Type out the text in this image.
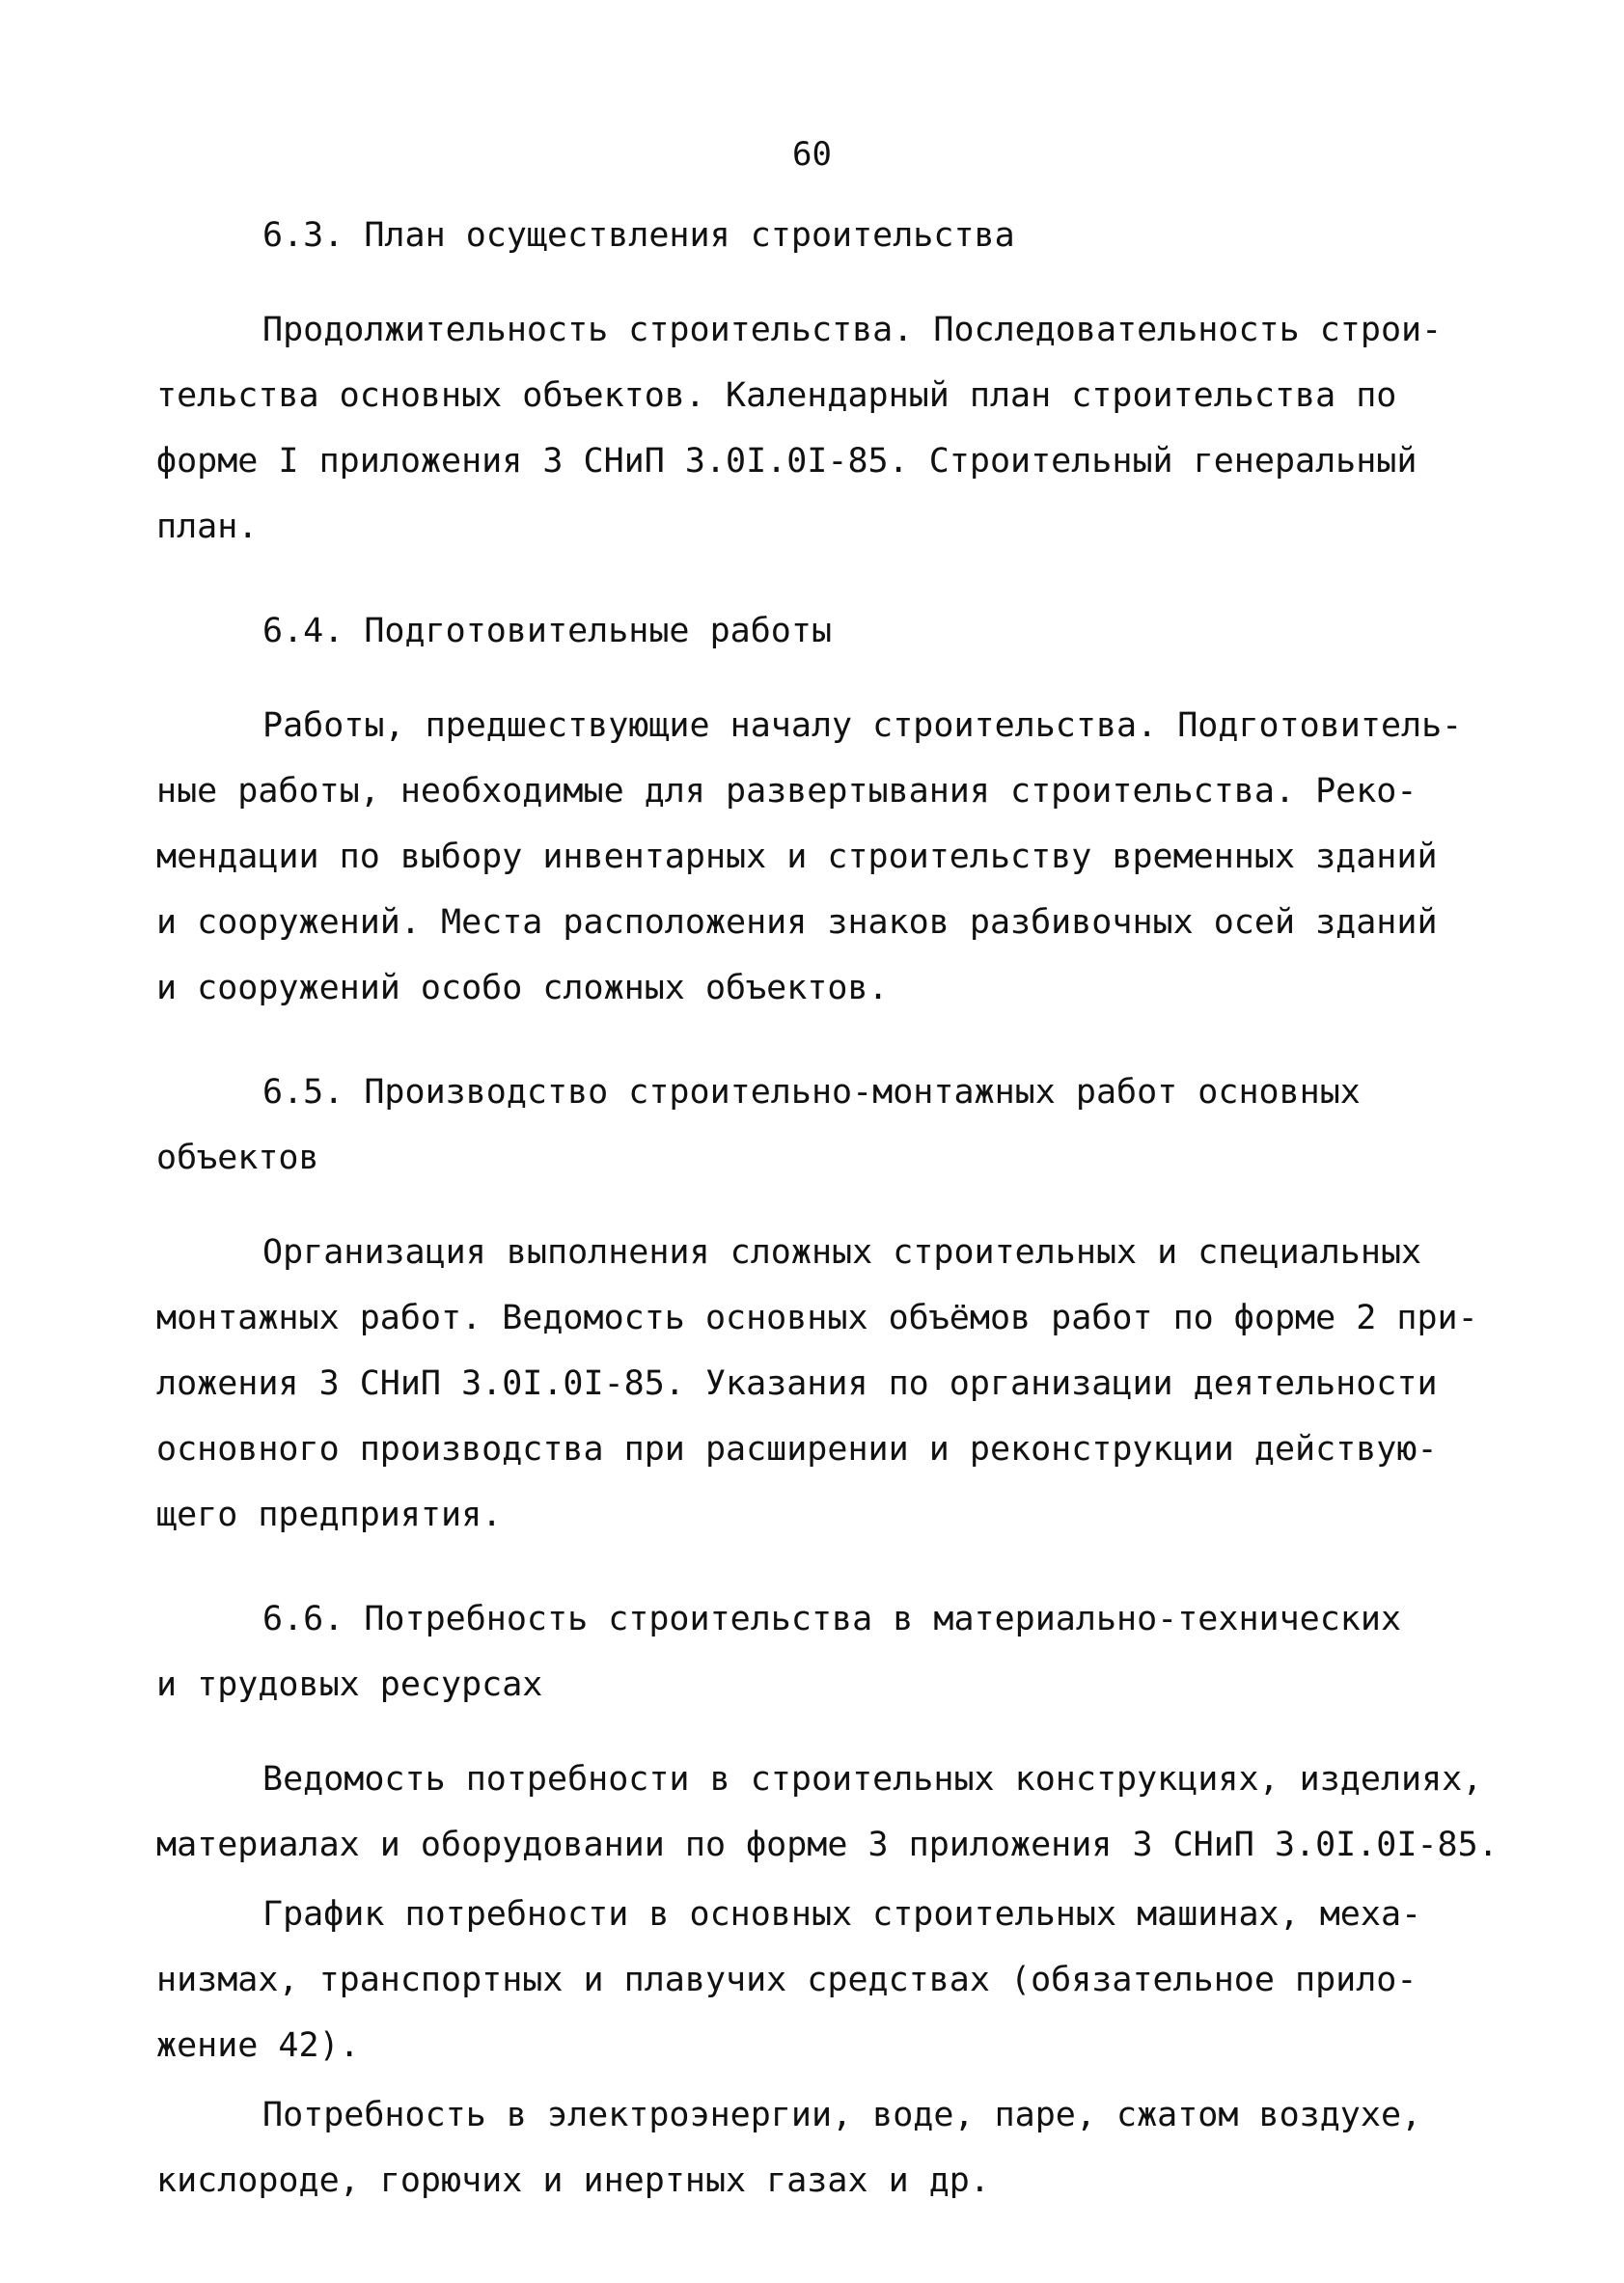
60
6.3. План осуществления строительства
Продолжительность строительства. Последовательность строи-
тельства основных объектов. Календарный план строительства по
форме I приложения 3 СНиП 3.0I.0I-85. Строительный генеральный
план.
6.4. Подготовительные работы
Работы, предшествующие началу строительства. Подготовитель-
ные работы, необходимые для развертывания строительства. Реко-
мендации по выбору инвентарных и строительству временных зданий
и сооружений. Места расположения знаков разбивочных осей зданий
и сооружений особо сложных объектов.
6.5. Производство строительно-монтажных работ основных
объектов
Организация выполнения сложных строительных и специальных
монтажных работ. Ведомость основных объёмов работ по форме 2 при-
ложения 3 СНиП 3.0I.0I-85. Указания по организации деятельности
основного производства при расширении и реконструкции действую-
щего предприятия.
6.6. Потребность строительства в материально-технических
и трудовых ресурсах
Ведомость потребности в строительных конструкциях, изделиях,
материалах и оборудовании по форме 3 приложения 3 СНиП 3.0I.0I-85.
График потребности в основных строительных машинах, меха-
низмах, транспортных и плавучих средствах (обязательное прило-
жение 42).
Потребность в электроэнергии, воде, паре, сжатом воздухе,
кислороде, горючих и инертных газах и др.
